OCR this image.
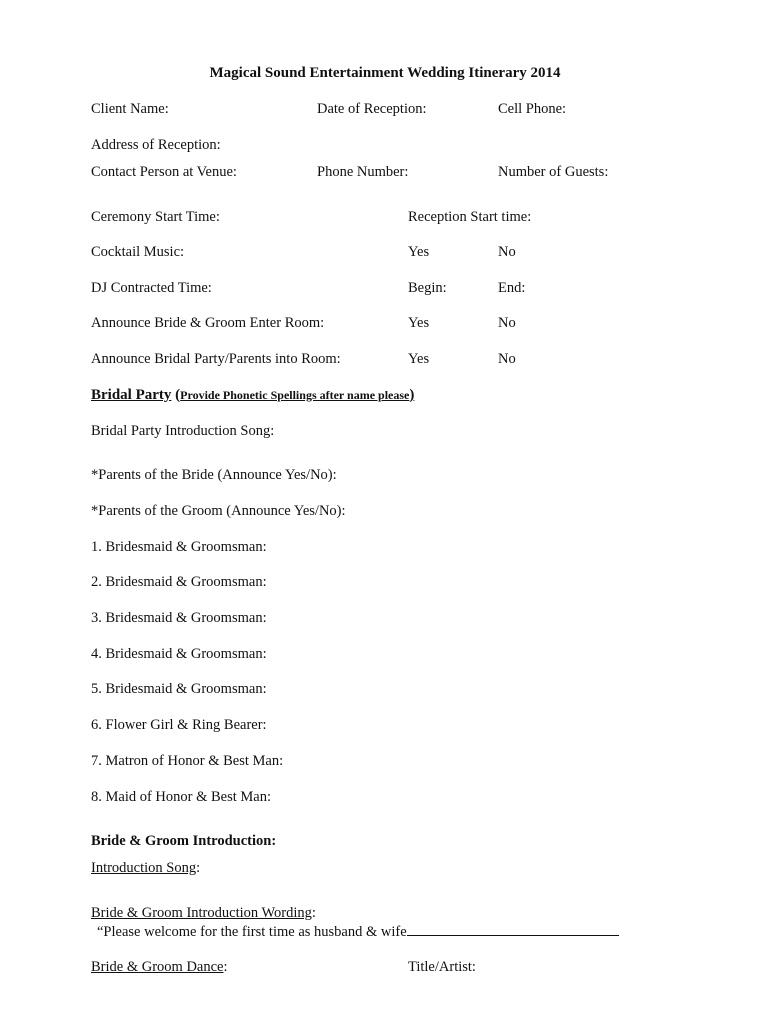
Magical Sound Entertainment Wedding Itinerary 2014
Client Name:	Date of Reception:	Cell Phone:
Address of Reception:
Contact Person at Venue:	Phone Number:	Number of Guests:
Ceremony Start Time:	Reception Start time:
Cocktail Music:	Yes	No
DJ Contracted Time:	Begin:	End:
Announce Bride & Groom Enter Room:	Yes	No
Announce Bridal Party/Parents into Room:	Yes	No
Bridal Party (Provide Phonetic Spellings after name please)
Bridal Party Introduction Song:
*Parents of the Bride (Announce Yes/No):
*Parents of the Groom (Announce Yes/No):
1. Bridesmaid & Groomsman:
2. Bridesmaid & Groomsman:
3. Bridesmaid & Groomsman:
4. Bridesmaid & Groomsman:
5. Bridesmaid & Groomsman:
6. Flower Girl & Ring Bearer:
7. Matron of Honor & Best Man:
8. Maid of Honor & Best Man:
Bride & Groom Introduction:
Introduction Song:
Bride & Groom Introduction Wording:
“Please welcome for the first time as husband & wife
Bride & Groom Dance:	Title/Artist:
